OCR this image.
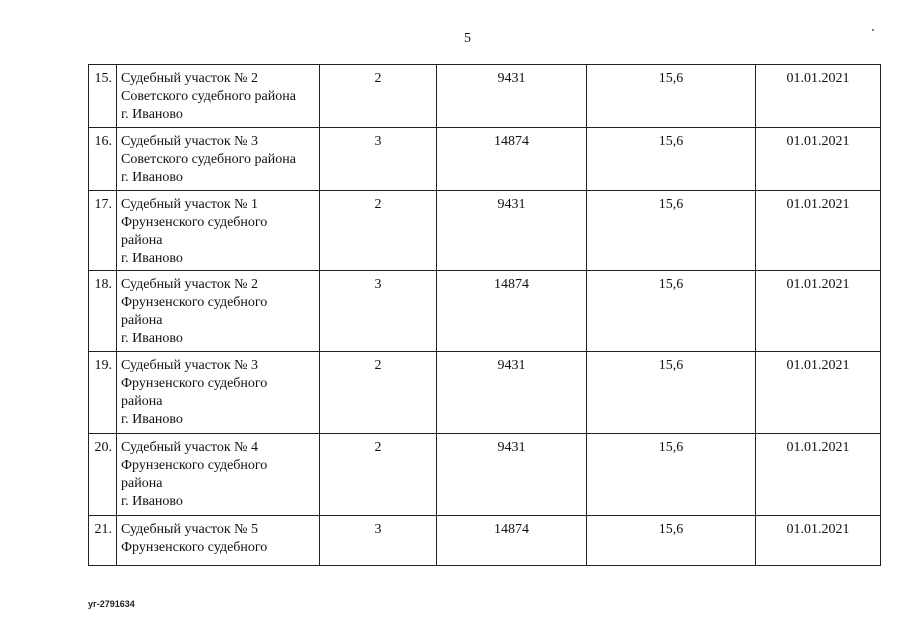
5
15.	Судебный участок № 2
Советского судебного района
г. Иваново	2	9431	15,6	01.01.2021
16.	Судебный участок № 3
Советского судебного района
г. Иваново	3	14874	15,6	01.01.2021
17.	Судебный участок № 1
Фрунзенского судебного
района
г. Иваново	2	9431	15,6	01.01.2021
18.	Судебный участок № 2
Фрунзенского судебного
района
г. Иваново	3	14874	15,6	01.01.2021
19.	Судебный участок № 3
Фрунзенского судебного
района
г. Иваново	2	9431	15,6	01.01.2021
20.	Судебный участок № 4
Фрунзенского судебного
района
г. Иваново	2	9431	15,6	01.01.2021
21.	Судебный участок № 5
Фрунзенского судебного	3	14874	15,6	01.01.2021
уг-2791634
